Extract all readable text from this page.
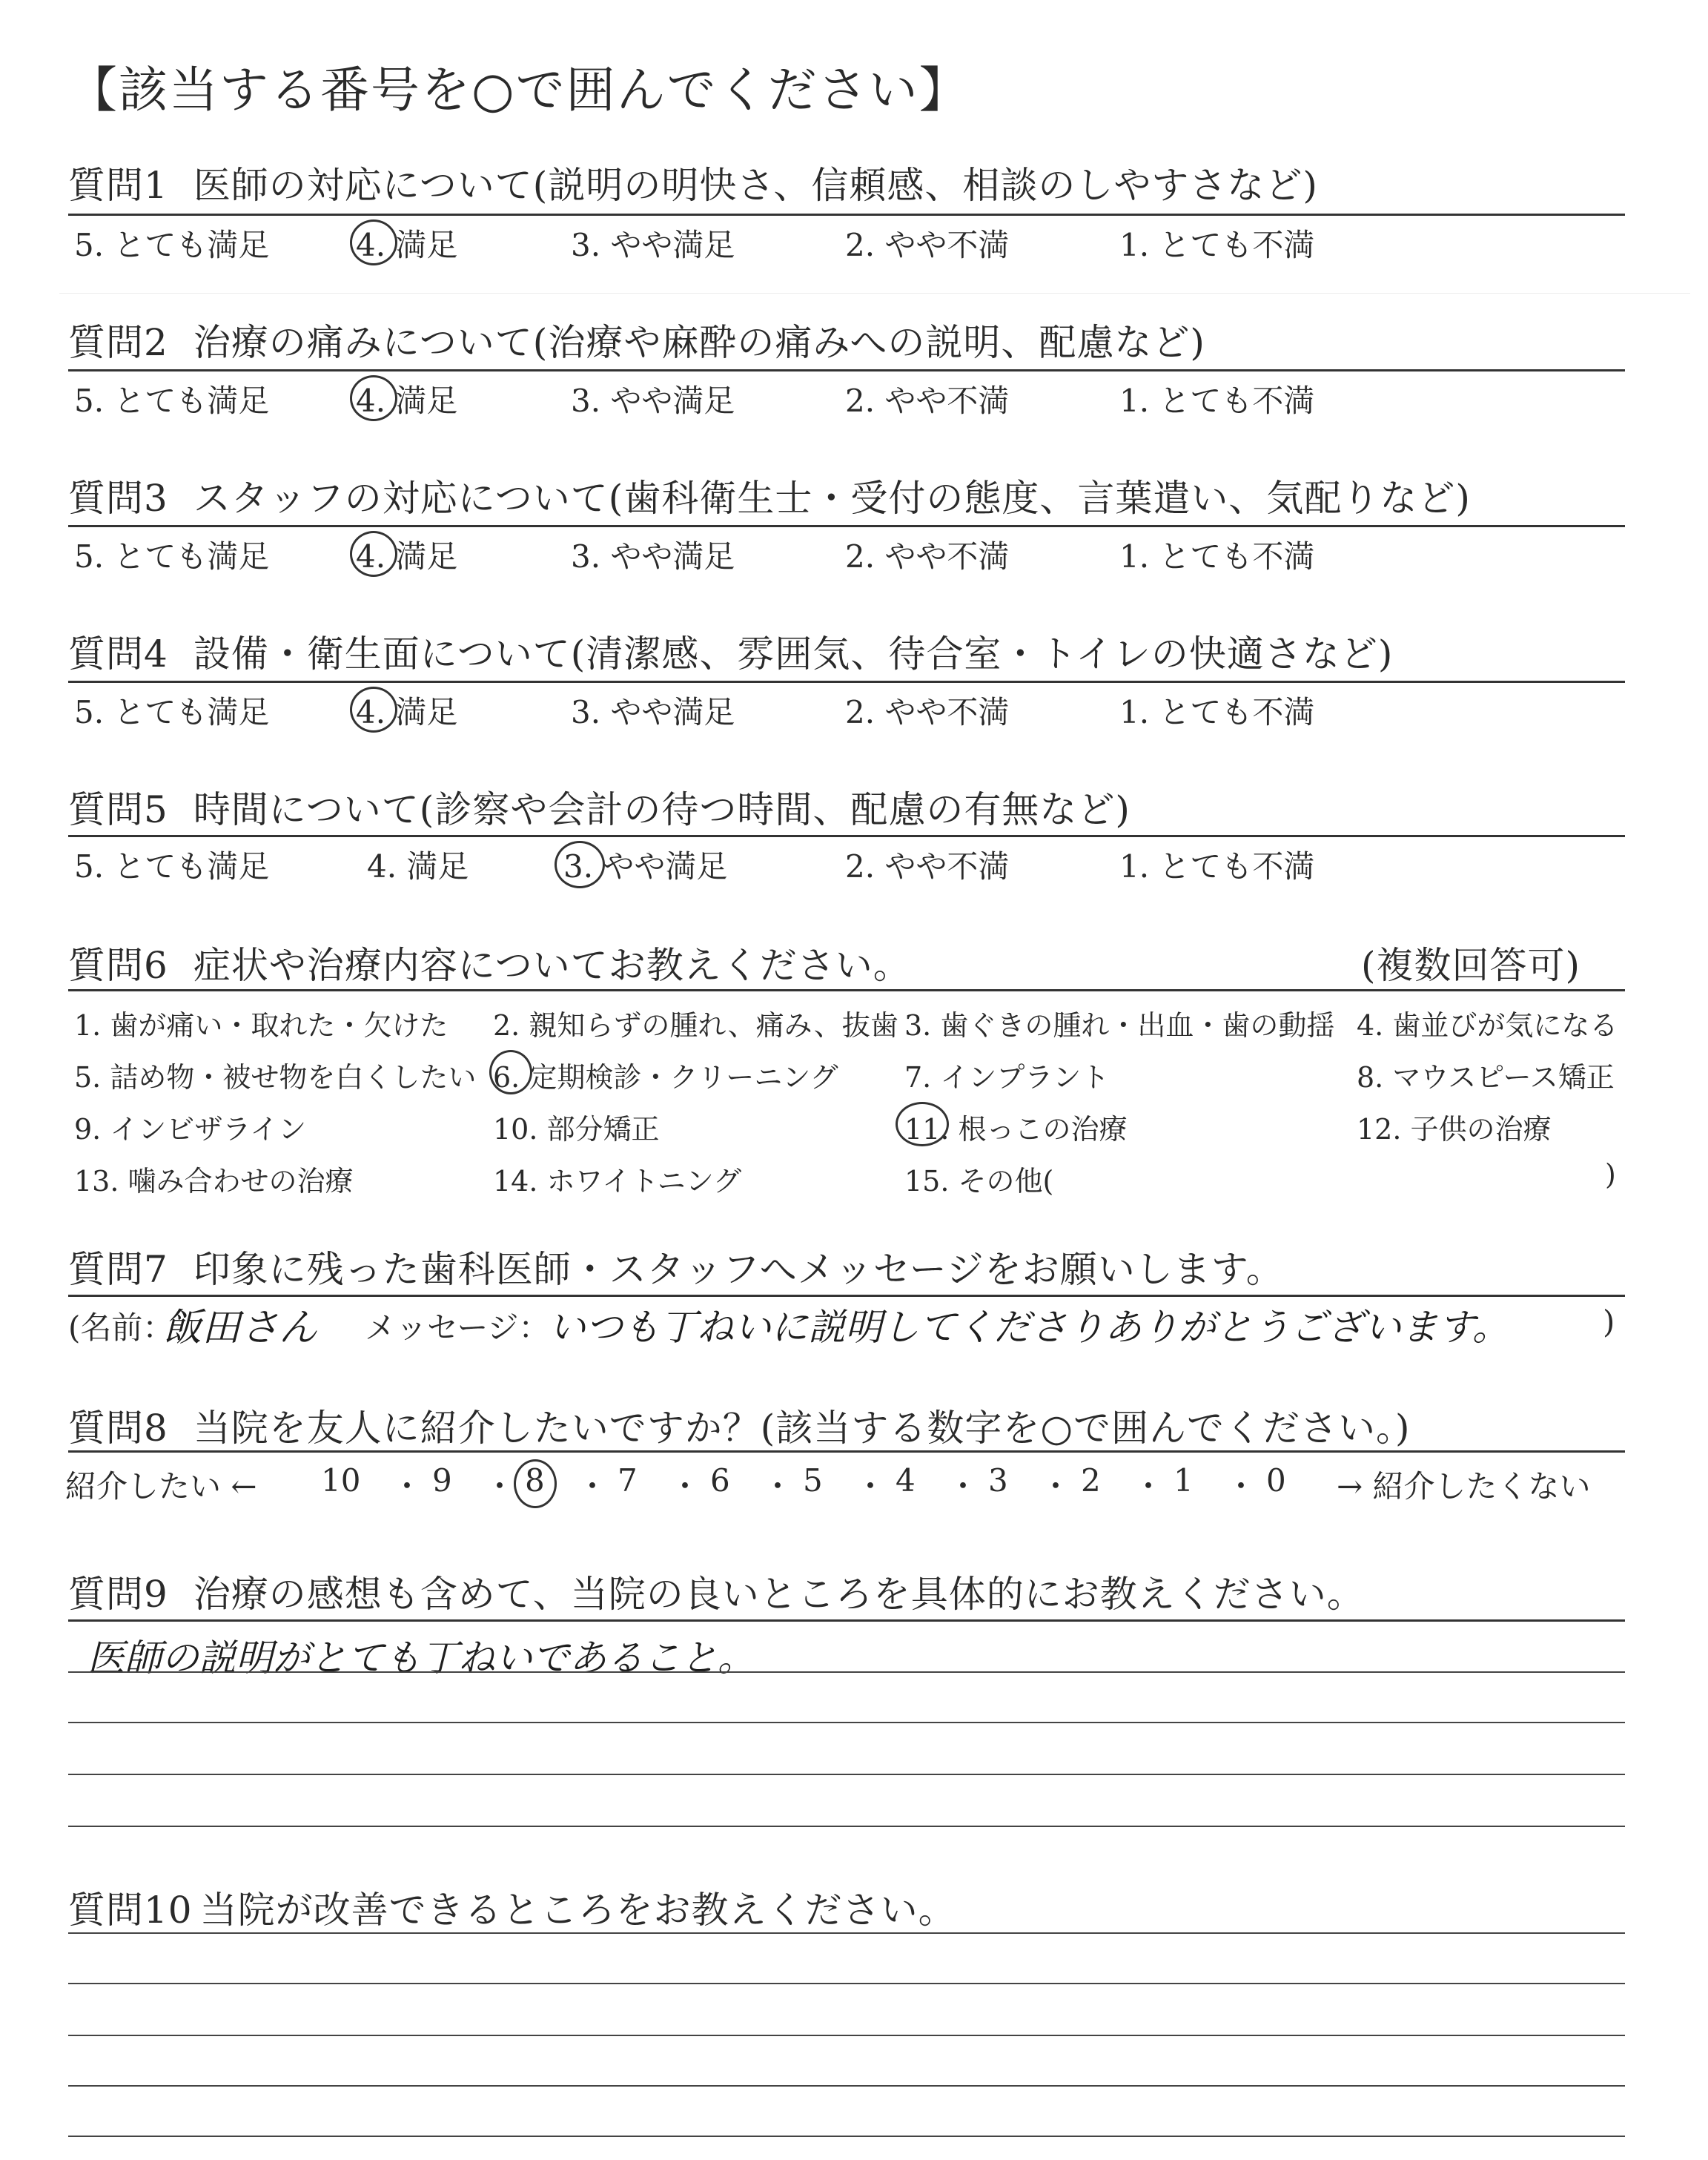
【該当する番号を○で囲んでください】
質問1 医師の対応について(説明の明快さ、信頼感、相談のしやすさなど)
5. とても満足	4. 満足	3. やや満足	2. やや不満	1. とても不満
質問2 治療の痛みについて(治療や麻酔の痛みへの説明、配慮など)
5. とても満足	4. 満足	3. やや満足	2. やや不満	1. とても不満
質問3 スタッフの対応について(歯科衛生士・受付の態度、言葉遣い、気配りなど)
5. とても満足	4. 満足	3. やや満足	2. やや不満	1. とても不満
質問4 設備・衛生面について(清潔感、雰囲気、待合室・トイレの快適さなど)
5. とても満足	4. 満足	3. やや満足	2. やや不満	1. とても不満
質問5 時間について(診察や会計の待つ時間、配慮の有無など)
5. とても満足	4. 満足	3. やや満足	2. やや不満	1. とても不満
質問6 症状や治療内容についてお教えください。	(複数回答可)
1. 歯が痛い・取れた・欠けた 2. 親知らずの腫れ、痛み、抜歯 3. 歯ぐきの腫れ・出血・歯の動揺 4. 歯並びが気になる
5. 詰め物・被せ物を白くしたい 6. 定期検診・クリーニング 7. インプラント	8. マウスピース矯正
9. インビザライン	10. 部分矯正	11. 根っこの治療	12. 子供の治療
13. 噛み合わせの治療	14. ホワイトニング	15. その他(	)
質問7 印象に残った歯科医師・スタッフへメッセージをお願いします。
(名前：
飯田さん メッセージ：
いつも丁ねいに説明してくださりありがとうございます。	)
質問8 当院を友人に紹介したいですか？(該当する数字を○で囲んでください。)
紹介したい ← 10 ・ 9 ・ 8 ・ 7 ・ 6 ・ 5 ・ 4 ・ 3 ・ 2 ・ 1 ・ 0 → 紹介したくない
質問9 治療の感想も含めて、当院の良いところを具体的にお教えください。
医師の説明がとても丁ねいであること。
質問10 当院が改善できるところをお教えください。
